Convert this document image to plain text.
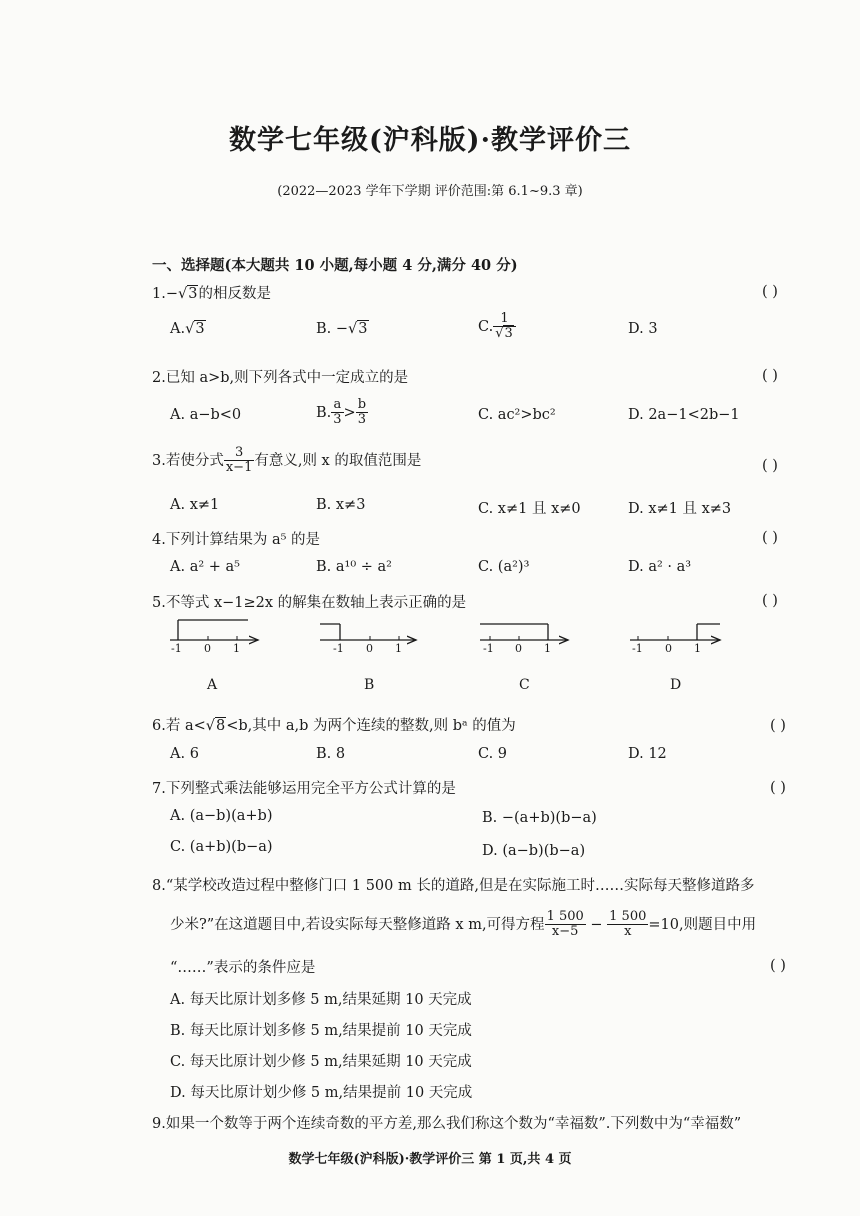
数学七年级(沪科版)·教学评价三
(2022—2023 学年下学期 评价范围:第 6.1~9.3 章)
一、选择题(本大题共 10 小题,每小题 4 分,满分 40 分)
1.−√3的相反数是	( )
A.√3	B. −√3	C. $\frac{1}{√3}$	D. 3
2.已知 a>b,则下列各式中一定成立的是	( )
A. a−b<0	B. $\frac{a}{3} > \frac{b}{3}$	C. ac²>bc²	D. 2a−1<2b−1
3.若使分式 $\frac{3}{x-1}$ 有意义,则 x 的取值范围是	( )
A. x≠1	B. x≠3	C. x≠1 且 x≠0	D. x≠1 且 x≠3
4.下列计算结果为 a⁵ 的是	( )
A. a² + a⁵	B. a¹⁰ ÷ a²	C. (a²)³	D. a² · a³
5.不等式 x−1≥2x 的解集在数轴上表示正确的是	( )
-1 0 1	-1 0 1	-1 0 1	-1 0 1
A	B	C	D
6.若 a<√8<b,其中 a,b 为两个连续的整数,则 bᵃ 的值为	( )
A. 6	B. 8	C. 9	D. 12
7.下列整式乘法能够运用完全平方公式计算的是	( )
A. (a−b)(a+b)	B. −(a+b)(b−a)
C. (a+b)(b−a)	D. (a−b)(b−a)
8.“某学校改造过程中整修门口 1 500 m 长的道路,但是在实际施工时……实际每天整修道路多
少米?”在这道题目中,若设实际每天整修道路 x m,可得方程 $\frac{1 500}{x-5} - \frac{1 500}{x} =10$,则题目中用
“……”表示的条件应是	( )
A. 每天比原计划多修 5 m,结果延期 10 天完成
B. 每天比原计划多修 5 m,结果提前 10 天完成
C. 每天比原计划少修 5 m,结果延期 10 天完成
D. 每天比原计划少修 5 m,结果提前 10 天完成
9.如果一个数等于两个连续奇数的平方差,那么我们称这个数为“幸福数”.下列数中为“幸福数”
数学七年级(沪科版)·教学评价三 第 1 页,共 4 页
